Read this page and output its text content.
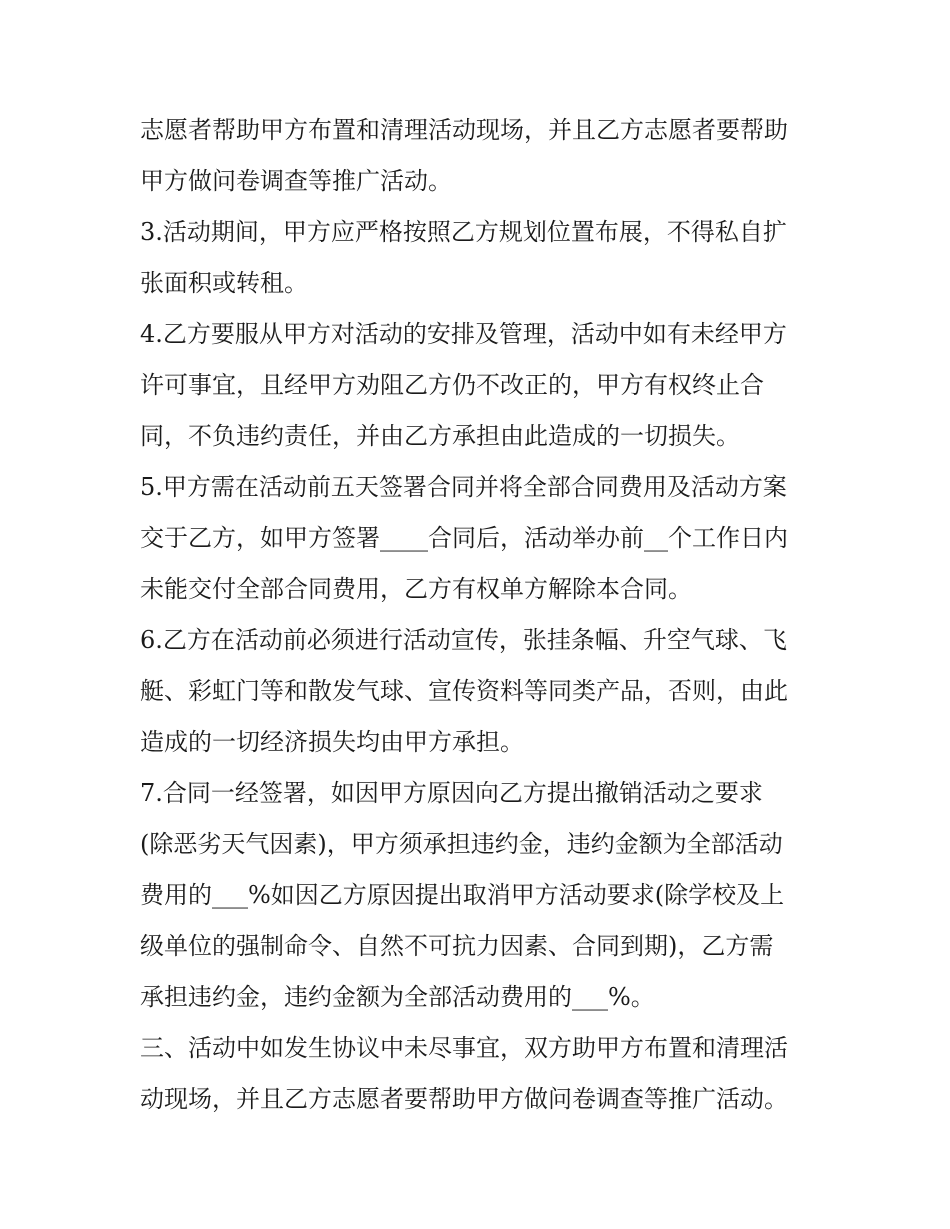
志愿者帮助甲方布置和清理活动现场，并且乙方志愿者要帮助
甲方做问卷调查等推广活动。
3.活动期间，甲方应严格按照乙方规划位置布展，不得私自扩
张面积或转租。
4.乙方要服从甲方对活动的安排及管理，活动中如有未经甲方
许可事宜，且经甲方劝阻乙方仍不改正的，甲方有权终止合
同，不负违约责任，并由乙方承担由此造成的一切损失。
5.甲方需在活动前五天签署合同并将全部合同费用及活动方案
交于乙方，如甲方签署____合同后，活动举办前__个工作日内
未能交付全部合同费用，乙方有权单方解除本合同。
6.乙方在活动前必须进行活动宣传，张挂条幅、升空气球、飞
艇、彩虹门等和散发气球、宣传资料等同类产品，否则，由此
造成的一切经济损失均由甲方承担。
7.合同一经签署，如因甲方原因向乙方提出撤销活动之要求
(除恶劣天气因素)，甲方须承担违约金，违约金额为全部活动
费用的___%如因乙方原因提出取消甲方活动要求(除学校及上
级单位的强制命令、自然不可抗力因素、合同到期)，乙方需
承担违约金，违约金额为全部活动费用的___%。
三、活动中如发生协议中未尽事宜，双方助甲方布置和清理活
动现场，并且乙方志愿者要帮助甲方做问卷调查等推广活动。
